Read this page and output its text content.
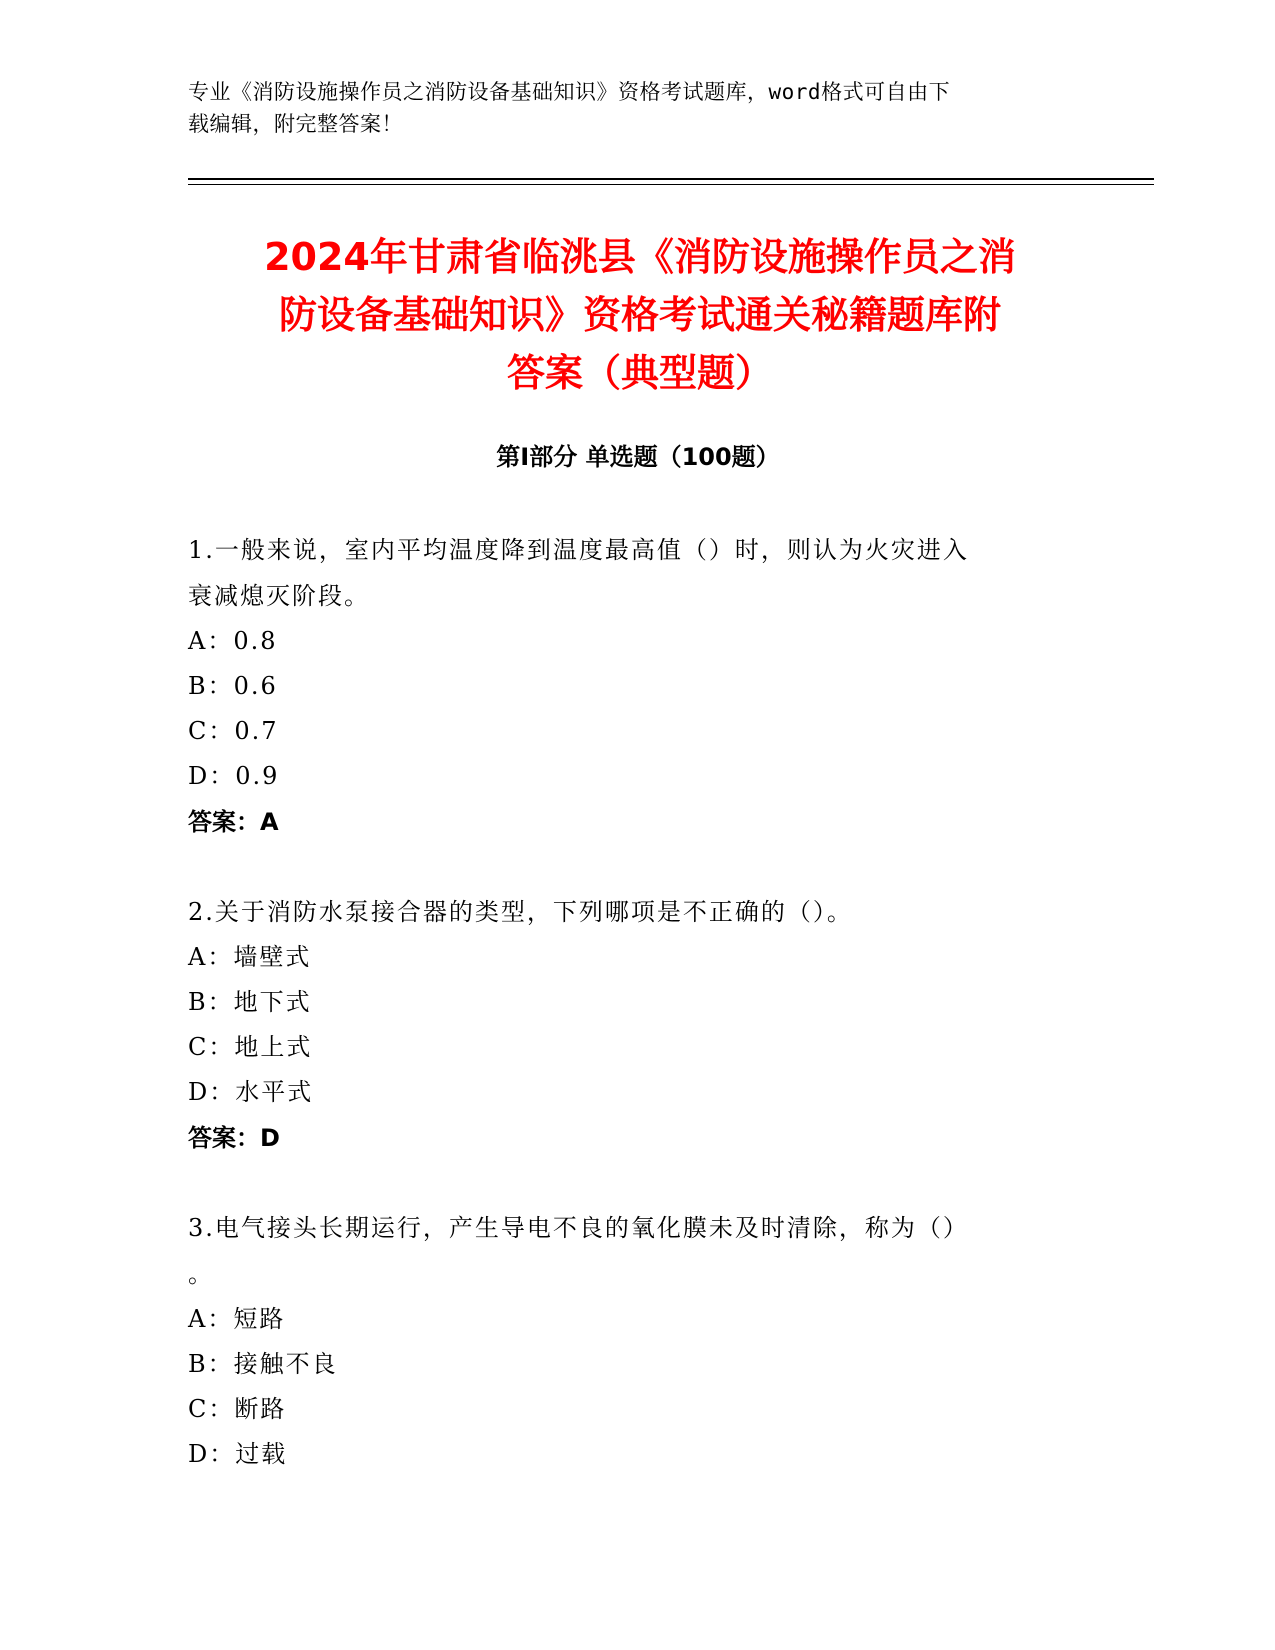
专业《消防设施操作员之消防设备基础知识》资格考试题库，word格式可自由下
载编辑，附完整答案！
2024年甘肃省临洮县《消防设施操作员之消
防设备基础知识》资格考试通关秘籍题库附
答案（典型题）
第I部分 单选题（100题）
1.一般来说，室内平均温度降到温度最高值（）时，则认为火灾进入
衰减熄灭阶段。
A：0.8
B：0.6
C：0.7
D：0.9
答案：A
2.关于消防水泵接合器的类型，下列哪项是不正确的（）。
A：墙壁式
B：地下式
C：地上式
D：水平式
答案：D
3.电气接头长期运行，产生导电不良的氧化膜未及时清除，称为（）
。
A：短路
B：接触不良
C：断路
D：过载
